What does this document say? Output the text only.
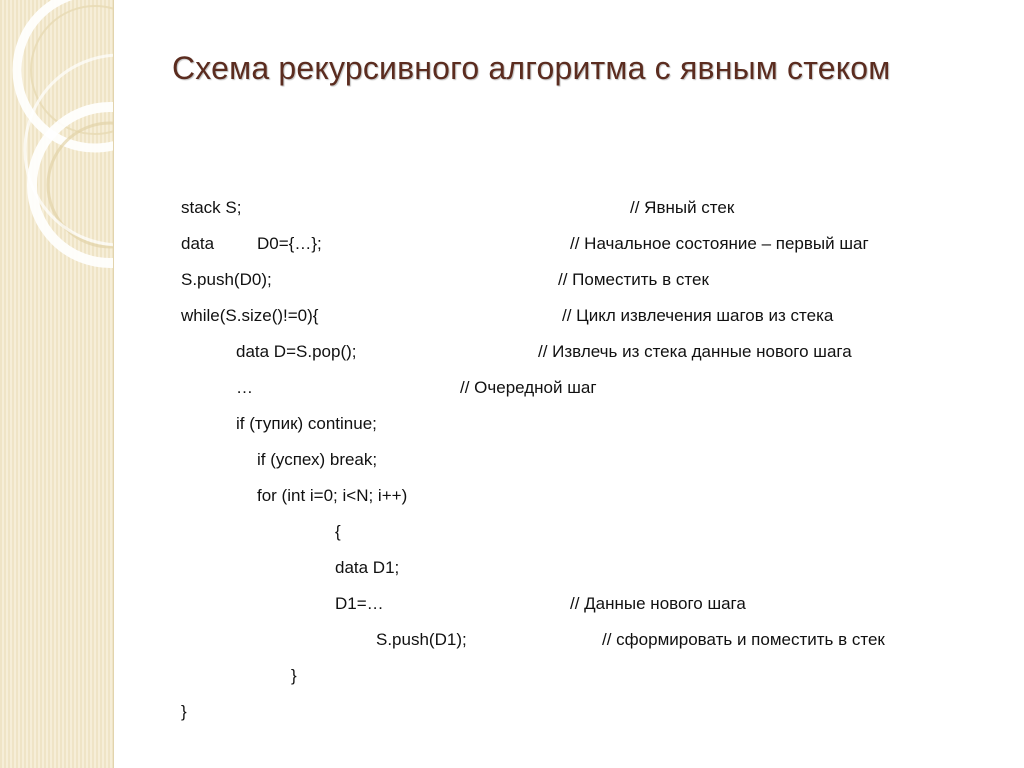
Схема рекурсивного алгоритма с явным стеком
stack S;	// Явный стек
data	D0={…};	// Начальное состояние – первый шаг
S.push(D0);	// Поместить в стек
while(S.size()!=0){	// Цикл извлечения шагов из стека
data D=S.pop();	// Извлечь из стека данные нового шага
…	// Очередной шаг
if (тупик) continue;
if (успех) break;
for (int i=0; i<N; i++)
{
data D1;
D1=…	// Данные нового шага
S.push(D1);	// сформировать и поместить в стек
}
}
